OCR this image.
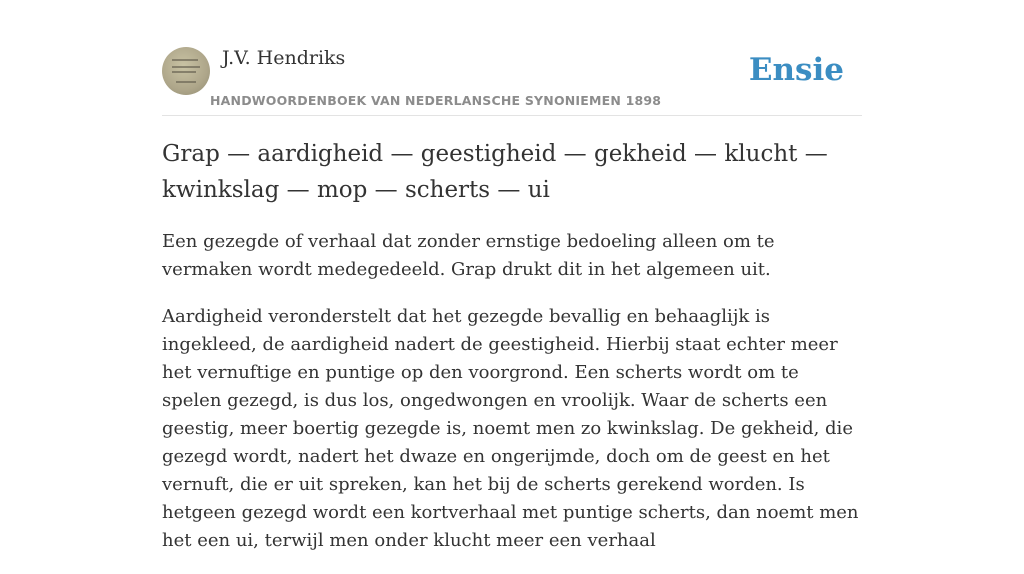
J.V. Hendriks
HANDWOORDENBOEK VAN NEDERLANSCHE SYNONIEMEN 1898
Ensie
Grap — aardigheid — geestigheid — gekheid — klucht — kwinkslag — mop — scherts — ui

Een gezegde of verhaal dat zonder ernstige bedoeling alleen om te vermaken wordt medegedeeld. Grap drukt dit in het algemeen uit.

Aardigheid veronderstelt dat het gezegde bevallig en behaaglijk is ingekleed, de aardigheid nadert de geestigheid. Hierbij staat echter meer het vernuftige en puntige op den voorgrond. Een scherts wordt om te spelen gezegd, is dus los, ongedwongen en vroolijk. Waar de scherts een geestig, meer boertig gezegde is, noemt men zo kwinkslag. De gekheid, die gezegd wordt, nadert het dwaze en ongerijmde, doch om de geest en het vernuft, die er uit spreken, kan het bij de scherts gerekend worden. Is hetgeen gezegd wordt een kortverhaal met puntige scherts, dan noemt men het een ui, terwijl men onder klucht meer een verhaal
